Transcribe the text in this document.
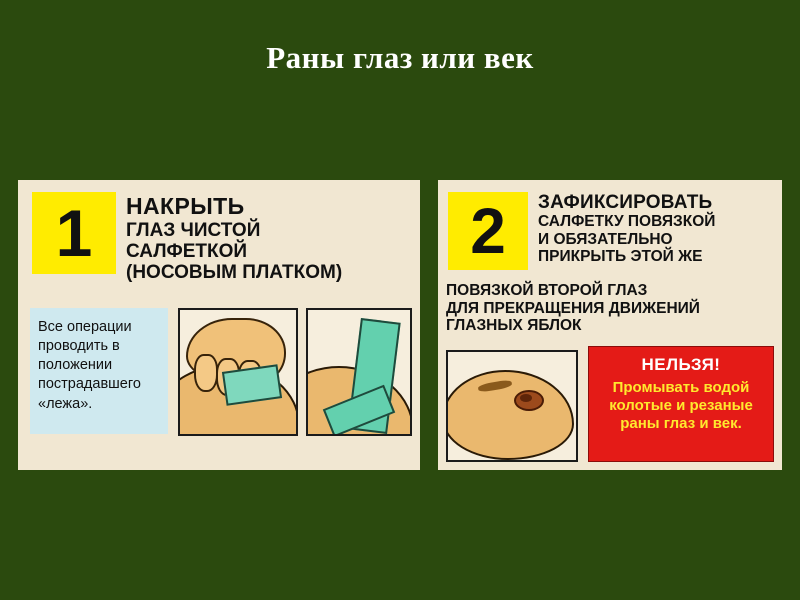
Раны глаз или век
1	НАКРЫТЬ
ГЛАЗ ЧИСТОЙ
САЛФЕТКОЙ
(НОСОВЫМ ПЛАТКОМ)
Все операции проводить в положении пострадавшего «лежа».
2	ЗАФИКСИРОВАТЬ
САЛФЕТКУ ПОВЯЗКОЙ
И ОБЯЗАТЕЛЬНО
ПРИКРЫТЬ ЭТОЙ ЖЕ
ПОВЯЗКОЙ ВТОРОЙ ГЛАЗ
ДЛЯ ПРЕКРАЩЕНИЯ ДВИЖЕНИЙ
ГЛАЗНЫХ ЯБЛОК
НЕЛЬЗЯ!
Промывать водой
колотые и резаные
раны глаз и век.
